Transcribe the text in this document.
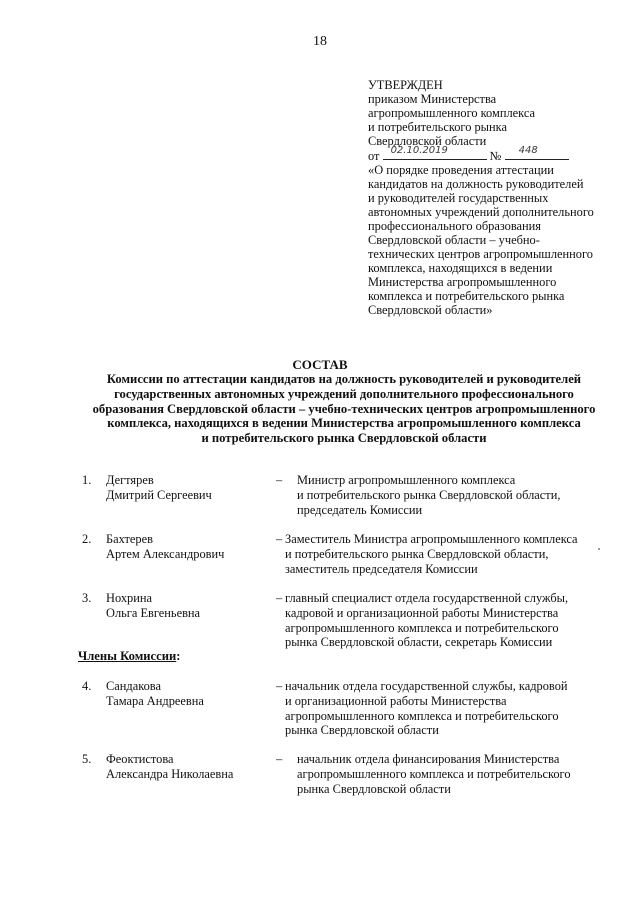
18
УТВЕРЖДЕН
приказом Министерства
агропромышленного комплекса
и потребительского рынка
Свердловской области
от 02.10.2019	№ 448
«О порядке проведения аттестации
кандидатов на должность руководителей
и руководителей государственных
автономных учреждений дополнительного
профессионального образования
Свердловской области – учебно-
технических центров агропромышленного
комплекса, находящихся в ведении
Министерства агропромышленного
комплекса и потребительского рынка
Свердловской области»
СОСТАВ
Комиссии по аттестации кандидатов на должность руководителей и руководителей
государственных автономных учреждений дополнительного профессионального
образования Свердловской области – учебно-технических центров агропромышленного
комплекса, находящихся в ведении Министерства агропромышленного комплекса
и потребительского рынка Свердловской области
1. Дегтярев
Дмитрий Сергеевич
– Министр агропромышленного комплекса
и потребительского рынка Свердловской области,
председатель Комиссии
2. Бахтерев
Артем Александрович
– Заместитель Министра агропромышленного комплекса
и потребительского рынка Свердловской области,
заместитель председателя Комиссии
3. Нохрина
Ольга Евгеньевна
– главный специалист отдела государственной службы,
кадровой и организационной работы Министерства
агропромышленного комплекса и потребительского
рынка Свердловской области, секретарь Комиссии
Члены Комиссии:
4. Сандакова
Тамара Андреевна
– начальник отдела государственной службы, кадровой
и организационной работы Министерства
агропромышленного комплекса и потребительского
рынка Свердловской области
5. Феоктистова
Александра Николаевна
– начальник отдела финансирования Министерства
агропромышленного комплекса и потребительского
рынка Свердловской области
